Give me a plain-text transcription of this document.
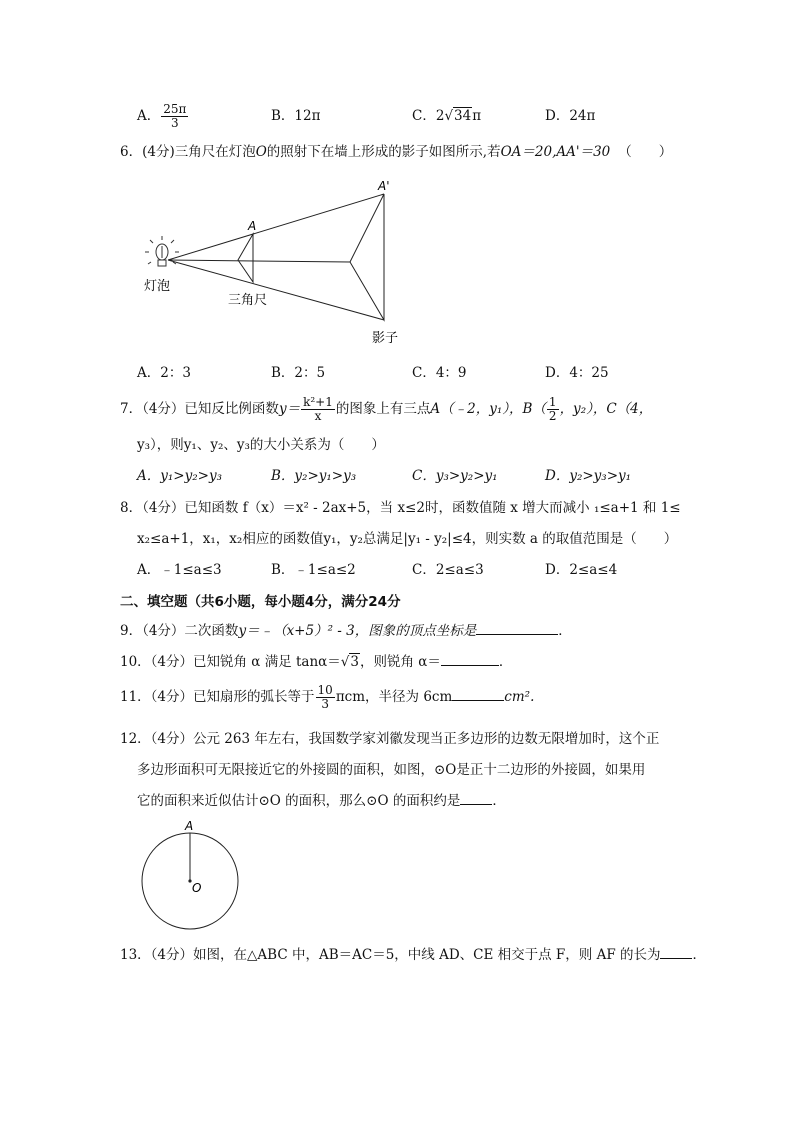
A． $\frac{25\pi}{3}$	B．12π	C．2√34π	D．24π
6．(4分)三角尺在灯泡O的照射下在墙上形成的影子如图所示,若OA＝20,AA'＝30 （　　）
A
A'
灯泡
三角尺
影子
A．2：3	B．2：5	C．4：9	D．4：25
7．（4分）已知反比例函数$y= \frac{\text{k²+1}}{x}$ 的图象上有三点A（﹣2，y₁），$B( \frac{1}{2}$ ，y₂），C（4，
y₃），则y₁、y₂、y₃的大小关系为（　　）
A．y₁>y₂>y₃	B．y₂>y₁>y₃	C．y₃>y₂>y₁	D．y₂>y₃>y₁
8．（4分）已知函数 f（x）＝x² - 2ax+5，当 x≤2时，函数值随 x 增大而减小 ₁≤a+1 和 1≤
x₂≤a+1，x₁，x₂相应的函数值y₁，y₂总满足|y₁ - y₂|≤4，则实数 a 的取值范围是（　　）
A．﹣1≤a≤3	B．﹣1≤a≤2	C．2≤a≤3	D．2≤a≤4
二、填空题（共6小题，每小题4分，满分24分
9．（4分）二次函数y＝﹣（x+5）² - 3，图象的顶点坐标是	．
10．（4分）已知锐角 α 满足 tanα＝√3，则锐角 α＝	．
11．（4分）已知扇形的弧长等于 $\frac{10}{3}$ πcm，半径为 6cm	cm².
12．（4分）公元 263 年左右，我国数学家刘徽发现当正多边形的边数无限增加时，这个正
多边形面积可无限接近它的外接圆的面积，如图，⊙O是正十二边形的外接圆，如果用
它的面积来近似估计⊙O 的面积，那么⊙O 的面积约是 ．
A
O
13．（4分）如图，在△ABC 中，AB＝AC＝5，中线 AD、CE 相交于点 F，则 AF 的长为 ．
